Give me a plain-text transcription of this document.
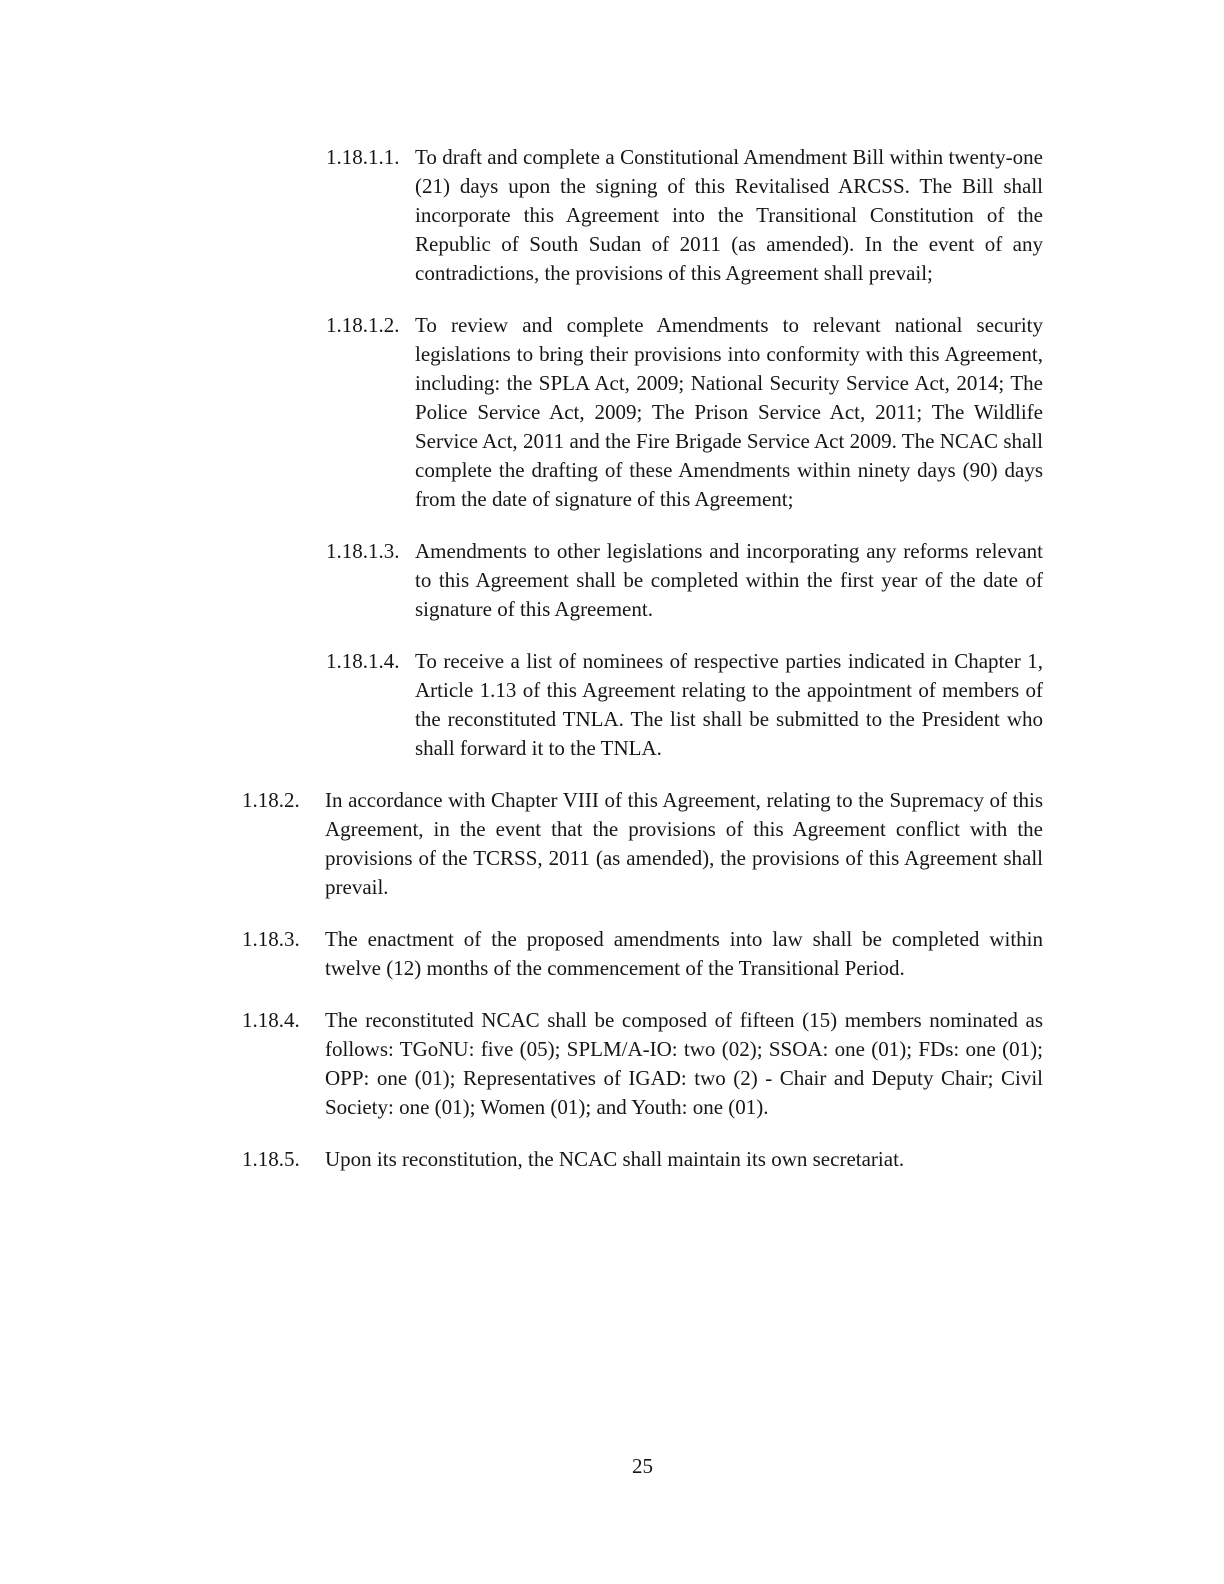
1.18.1.1. To draft and complete a Constitutional Amendment Bill within twenty-one (21) days upon the signing of this Revitalised ARCSS. The Bill shall incorporate this Agreement into the Transitional Constitution of the Republic of South Sudan of 2011 (as amended). In the event of any contradictions, the provisions of this Agreement shall prevail;
1.18.1.2. To review and complete Amendments to relevant national security legislations to bring their provisions into conformity with this Agreement, including: the SPLA Act, 2009; National Security Service Act, 2014; The Police Service Act, 2009; The Prison Service Act, 2011; The Wildlife Service Act, 2011 and the Fire Brigade Service Act 2009. The NCAC shall complete the drafting of these Amendments within ninety days (90) days from the date of signature of this Agreement;
1.18.1.3. Amendments to other legislations and incorporating any reforms relevant to this Agreement shall be completed within the first year of the date of signature of this Agreement.
1.18.1.4. To receive a list of nominees of respective parties indicated in Chapter 1, Article 1.13 of this Agreement relating to the appointment of members of the reconstituted TNLA. The list shall be submitted to the President who shall forward it to the TNLA.
1.18.2.	In accordance with Chapter VIII of this Agreement, relating to the Supremacy of this Agreement, in the event that the provisions of this Agreement conflict with the provisions of the TCRSS, 2011 (as amended), the provisions of this Agreement shall prevail.
1.18.3.	The enactment of the proposed amendments into law shall be completed within twelve (12) months of the commencement of the Transitional Period.
1.18.4.	The reconstituted NCAC shall be composed of fifteen (15) members nominated as follows: TGoNU: five (05); SPLM/A-IO: two (02); SSOA: one (01); FDs: one (01); OPP: one (01); Representatives of IGAD: two (2) - Chair and Deputy Chair; Civil Society: one (01); Women (01); and Youth: one (01).
1.18.5.	Upon its reconstitution, the NCAC shall maintain its own secretariat.
25
